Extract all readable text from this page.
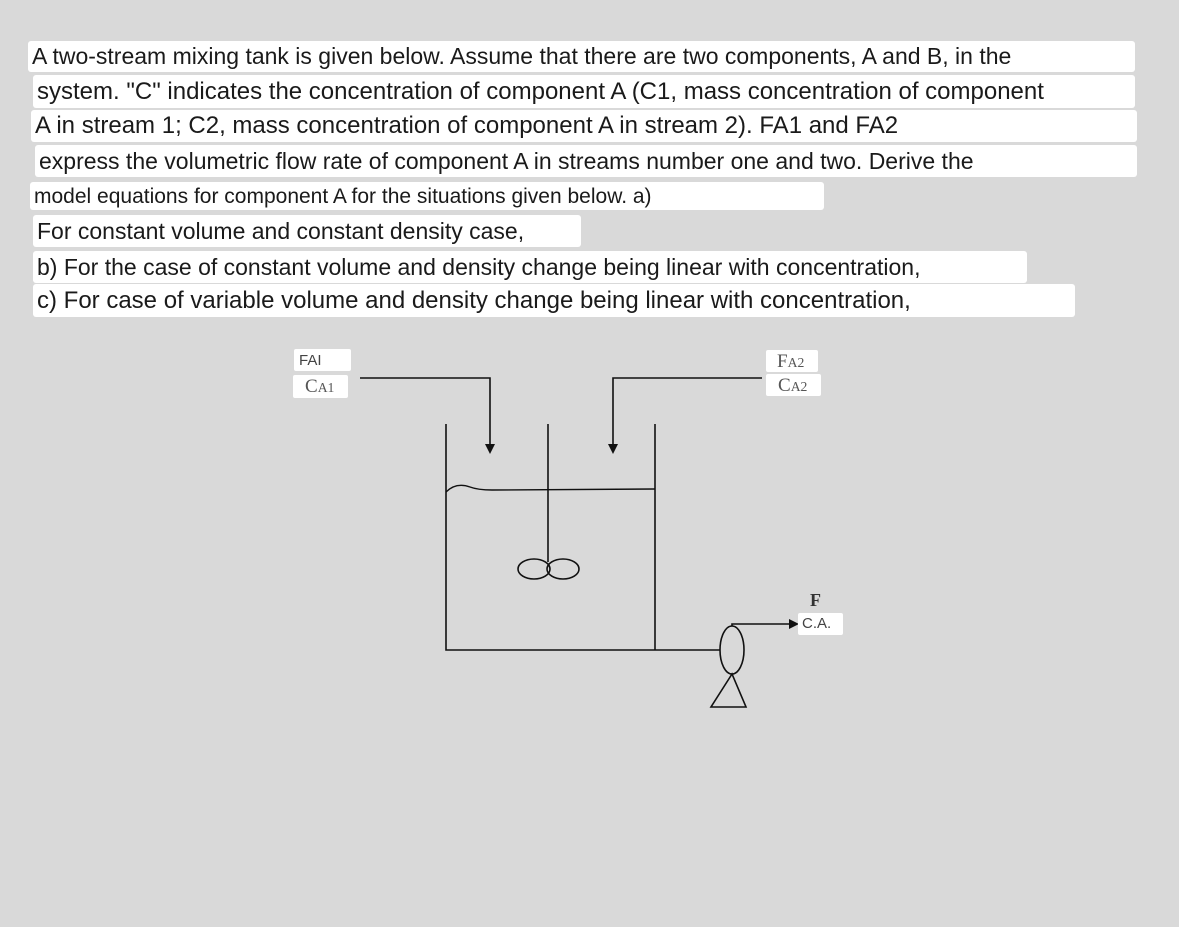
A two-stream mixing tank is given below. Assume that there are two components, A and B, in the
system. "C" indicates the concentration of component A (C1, mass concentration of component
A in stream 1; C2, mass concentration of component A in stream 2). FA1 and FA2
express the volumetric flow rate of component A in streams number one and two. Derive the
model equations for component A for the situations given below. a)
For constant volume and constant density case,
b) For the case of constant volume and density change being linear with concentration,
c) For case of variable volume and density change being linear with concentration,
FAI
CA1
FA2
CA2
F
C.A.
